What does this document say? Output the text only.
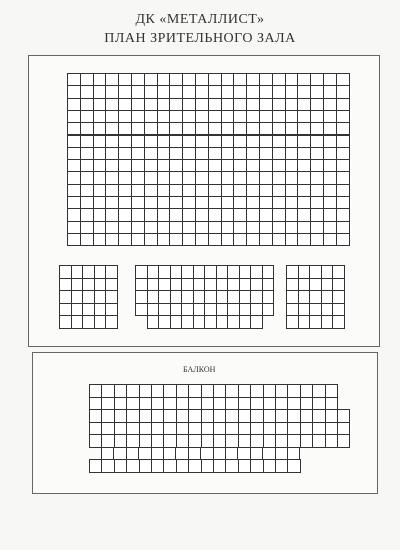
ДК «МЕТАЛЛИСТ»
ПЛАН ЗРИТЕЛЬНОГО ЗАЛА
БАЛКОН
